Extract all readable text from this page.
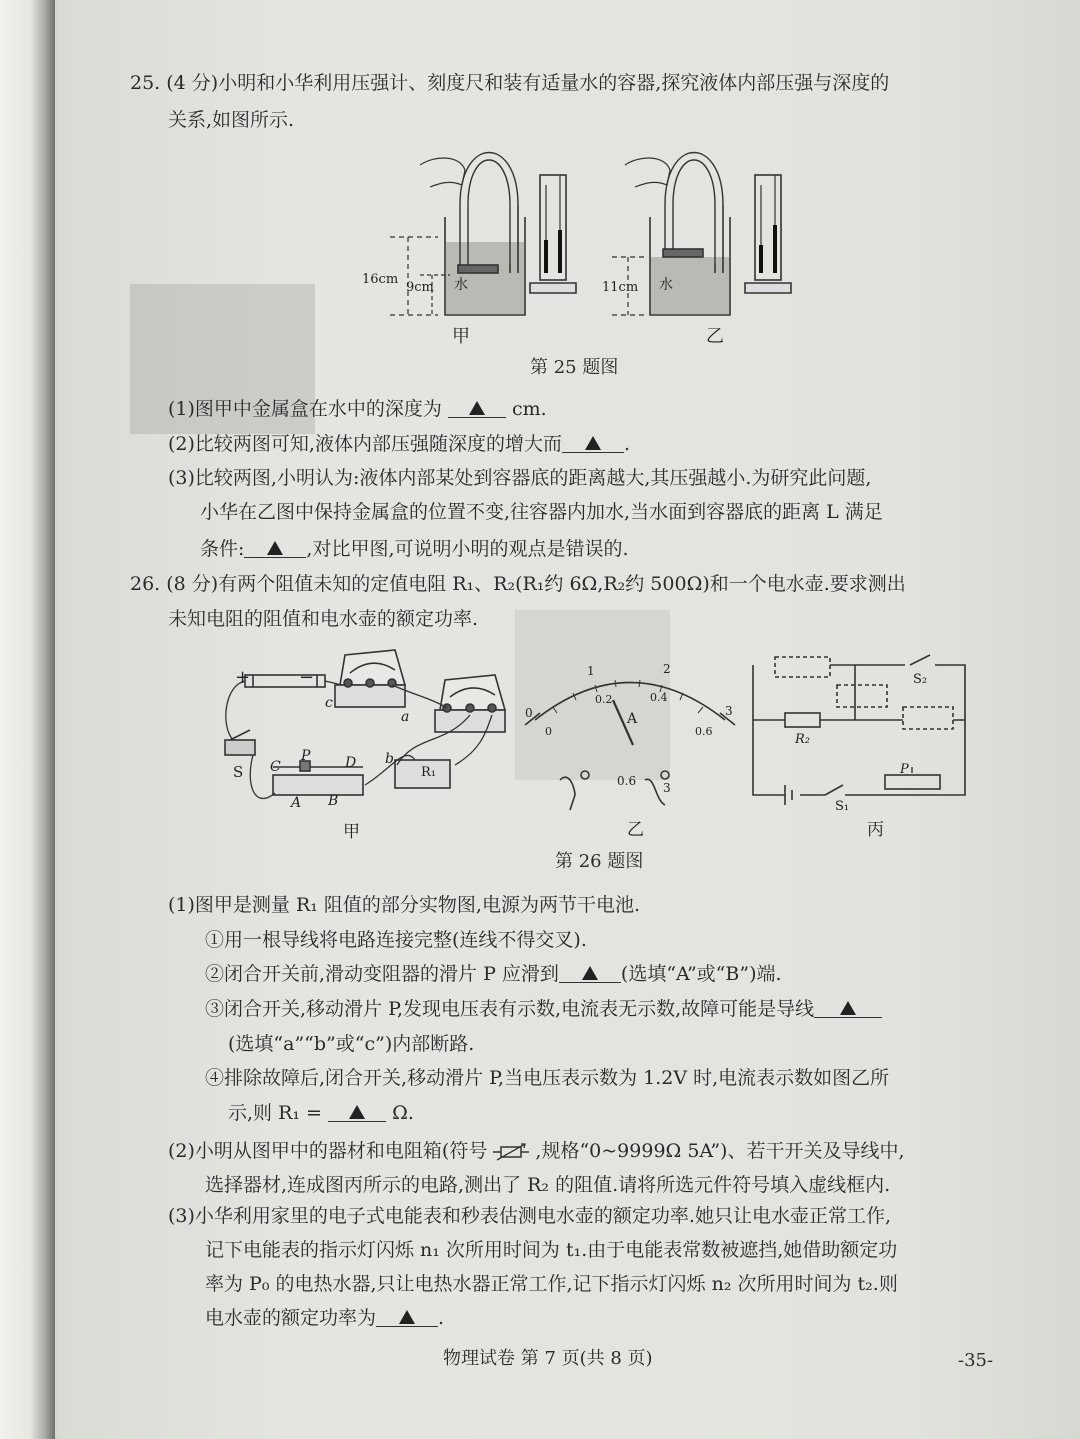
25. (4 分)小明和小华利用压强计、刻度尺和装有适量水的容器,探究液体内部压强与深度的
关系,如图所示.
16cm
9cm	11cm
水	水
甲	乙
第 25 题图
(1)图甲中金属盒在水中的深度为	cm.
(2)比较两图可知,液体内部压强随深度的增大而	.
(3)比较两图,小明认为:液体内部某处到容器底的距离越大,其压强越小.为研究此问题,
小华在乙图中保持金属盒的位置不变,往容器内加水,当水面到容器底的距离 L 满足
条件:	,对比甲图,可说明小明的观点是错误的.
26. (8 分)有两个阻值未知的定值电阻 R₁、R₂(R₁约 6Ω,R₂约 500Ω)和一个电水壶.要求测出
未知电阻的阻值和电水壶的额定功率.
+	−
S C
P D
A B
a
b
c
R₁
甲
0
1	2
3
0.2	0.4
0.6
0
A
0.6 3
乙
S₂
R₂
P
S₁
丙
第 26 题图
(1)图甲是测量 R₁ 阻值的部分实物图,电源为两节干电池.
①用一根导线将电路连接完整(连线不得交叉).
②闭合开关前,滑动变阻器的滑片 P 应滑到	(选填“A”或“B”)端.
③闭合开关,移动滑片 P,发现电压表有示数,电流表无示数,故障可能是导线
(选填“a”“b”或“c”)内部断路.
④排除故障后,闭合开关,移动滑片 P,当电压表示数为 1.2V 时,电流表示数如图乙所
示,则 R₁ =	Ω.
(2)小明从图甲中的器材和电阻箱(符号	,规格“0~9999Ω 5A”)、若干开关及导线中,
选择器材,连成图丙所示的电路,测出了 R₂ 的阻值.请将所选元件符号填入虚线框内.
(3)小华利用家里的电子式电能表和秒表估测电水壶的额定功率.她只让电水壶正常工作,
记下电能表的指示灯闪烁 n₁ 次所用时间为 t₁.由于电能表常数被遮挡,她借助额定功
率为 P₀ 的电热水器,只让电热水器正常工作,记下指示灯闪烁 n₂ 次所用时间为 t₂.则
电水壶的额定功率为	.
物理试卷 第 7 页(共 8 页)	-35-
